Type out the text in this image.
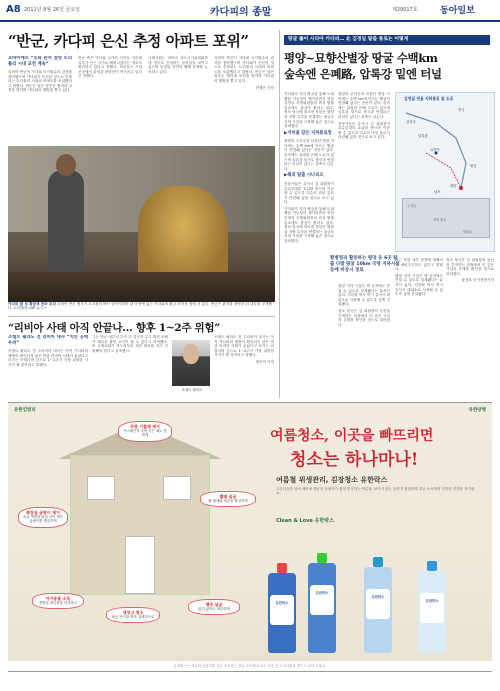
A8 2011년 8월 26일 금요일	카다피의 종말	제29017호 동아일보
“반군, 카다피 은신 추정 아파트 포위”
모바이에르 “호화 관저 점령 트리폴리 시내 교전 계속”

리비아 반군이 카다피 국가원수의 관저를 장악했으며 카다피가 은신한 것으로 추정되는 트리폴리 시내의 아파트를 포위했다고 밝혔다. 반군은 남은 정부군 병력과 교전을 벌이며 카다피의 행방을 쫓고 있다.

반군 측은 카다피 일가의 가족들 가운데 일부가 인근 국가로 빠져나갔다는 정보도 확인하고 있다고 전했다. 외신들은 시내 곳곳에서 총성과 폭발음이 이어지고 있다고 전했다.

국제사회는 리비아 과도국가위원회를 새 정부로 인정하는 움직임을 보이고 있으며 동결된 자산의 해제 문제를 논의하고 있다.

리비아 반군이 카다피 국가원수의 관저를 장악했으며 카다피가 은신한 것으로 추정되는 트리폴리 시내의 아파트를 포위했다고 밝혔다. 반군은 남은 정부군 병력과 교전을 벌이며 카다피의 행방을 쫓고 있다.

전채은 기자

카다피 밤 성 황금색 전마 조각 리비아 반군 병사가 트리폴리 바브 알아지지아 관저 안에 있는 카다피의 황금 조각상 옆에 서 있다. 반군은 관저를 장악한 뒤 내부를 공개했다. 트리폴리=AP 뉴시스
“리비아 사태 아직 안끝나… 향후 1~2주 위험”
조셉트 필라도 전 리비아 대사 “치안 공백 우려”

조셉트 필라도 전 주리비아 대사는 아직 카다피의 행방이 확인되지 않은 만큼 리비아 사태가 끝났다고 보기는 어렵다며 앞으로 1~2주가 가장 위험한 시기가 될 것이라고 말했다.

그는 반군 내부의 부족 간 갈등과 무기 확산 문제가 새로운 불안 요인이 될 수 있다고 지적했다. 또 국제사회가 과도정부의 치안 확보를 적극 지원해야 한다고 강조했다.

조셉트 필라도

조셉트 필라도 전 주리비아 대사는 아직 카다피의 행방이 확인되지 않은 만큼 리비아 사태가 끝났다고 보기는 어렵다며 앞으로 1~2주가 가장 위험한 시기가 될 것이라고 말했다.

정은아 기자

땅굴 뚫어 시리아 카다피… 北 김정일 탈출 통로는 어떻게
평양~묘향산별장 땅굴 수백km
숲속엔 은폐路, 압록강 밑엔 터널

카다피가 지하 땅굴을 통해 도피했을 가능성이 제기되면서 북한 김정일 국방위원장의 비상 탈출 통로에도 관심이 쏠리고 있다. 정보 당국에 따르면 북한은 평양과 지방 특각을 연결하는 대규모 지하 시설을 구축해 놓은 것으로 알려졌다.

▶거미줄 같은 지하통로망

평양의 주석궁과 묘향산 별장 사이에는 수백 km에 이르는 땅굴이 연결돼 있다는 증언이 있다. 숲속에는 위장된 은폐 도로가 있으며 압록강 밑으로 중국과 연결되는 터널이 있다는 관측도 나온다.

▶해외 탈출 시나리오

전문가들은 유사시 김 위원장이 특수부대의 호위를 받으며 이동할 수 있도록 다수의 비상 통로가 마련돼 있을 것으로 보고 있다.

카다피가 지하 땅굴을 통해 도피했을 가능성이 제기되면서 북한 김정일 국방위원장의 비상 탈출 통로에도 관심이 쏠리고 있다. 정보 당국에 따르면 북한은 평양과 지방 특각을 연결하는 대규모 지하 시설을 구축해 놓은 것으로 알려졌다.

평양의 주석궁과 묘향산 별장 사이에는 수백 km에 이르는 땅굴이 연결돼 있다는 증언이 있다. 숲속에는 위장된 은폐 도로가 있으며 압록강 밑으로 중국과 연결되는 터널이 있다는 관측도 나온다.

전문가들은 유사시 김 위원장이 특수부대의 호위를 받으며 이동할 수 있도록 다수의 비상 통로가 마련돼 있을 것으로 보고 있다.

김정일 전용 지하통로 및 도로
중국
신의주
압록강
묘향산
평양
원산
남포
주석궁
지하 통로
탈출로
황병영과 활동하는 평양 등 6곳 탈출 다발 땅굴 10km 국영 지하시설 등에 비상시 경로

평양 지하 시설은 핵 공격에도 견딜 수 있도록 설계됐다는 분석이 있다. 지하철 역사 역시 유사시 대피소로 사용될 수 있도록 깊게 건설됐다.

정보 당국은 김 위원장의 동선을 추적하는 과정에서 이 같은 시설의 존재를 확인한 것으로 알려졌다.

최근 북한 내부 동향에 대해서도 예의주시하고 있다고 밝혔다.

평양 지하 시설은 핵 공격에도 견딜 수 있도록 설계됐다는 분석이 있다. 지하철 역사 역시 유사시 대피소로 사용될 수 있도록 깊게 건설됐다.

정보 당국은 김 위원장의 동선을 추적하는 과정에서 이 같은 시설의 존재를 확인한 것으로 알려졌다.

윤상호 군사전문기자

유한킴벌리	유한양행
화장실 곰팡이 제거
욕실 벽면과 타일 사이 찌든 곰팡이를 깨끗하게
주방 기름때 제거
가스레인지 주변 묵은 때도 한번에
빨래 살균
땀 냄새와 세균을 확실하게
아기용품 소독
젖병과 장난감을 안심하고
냉장고 청소
세균 번식을 막아 위생적으로
행주 살균
삶지 않아도 깨끗하게
여름청소, 이곳을 빠뜨리면
청소는 하나마나!
여름철 위생관리, 김장청소 유한락스
고온다습한 날씨 때문에 세균과 곰팡이가 쉽게 번식하는 여름철. 보이지 않는 곳까지 꼼꼼하게 살균 소독하여 가족의 건강을 지키세요.
Clean & Love 유한락스
유한락스
유한락스
유한락스
유한락스
유한락스는 세균과 곰팡이를 살균 소독하는 살균 소독제입니다. 사용 전 주의사항을 반드시 읽어 주세요.
